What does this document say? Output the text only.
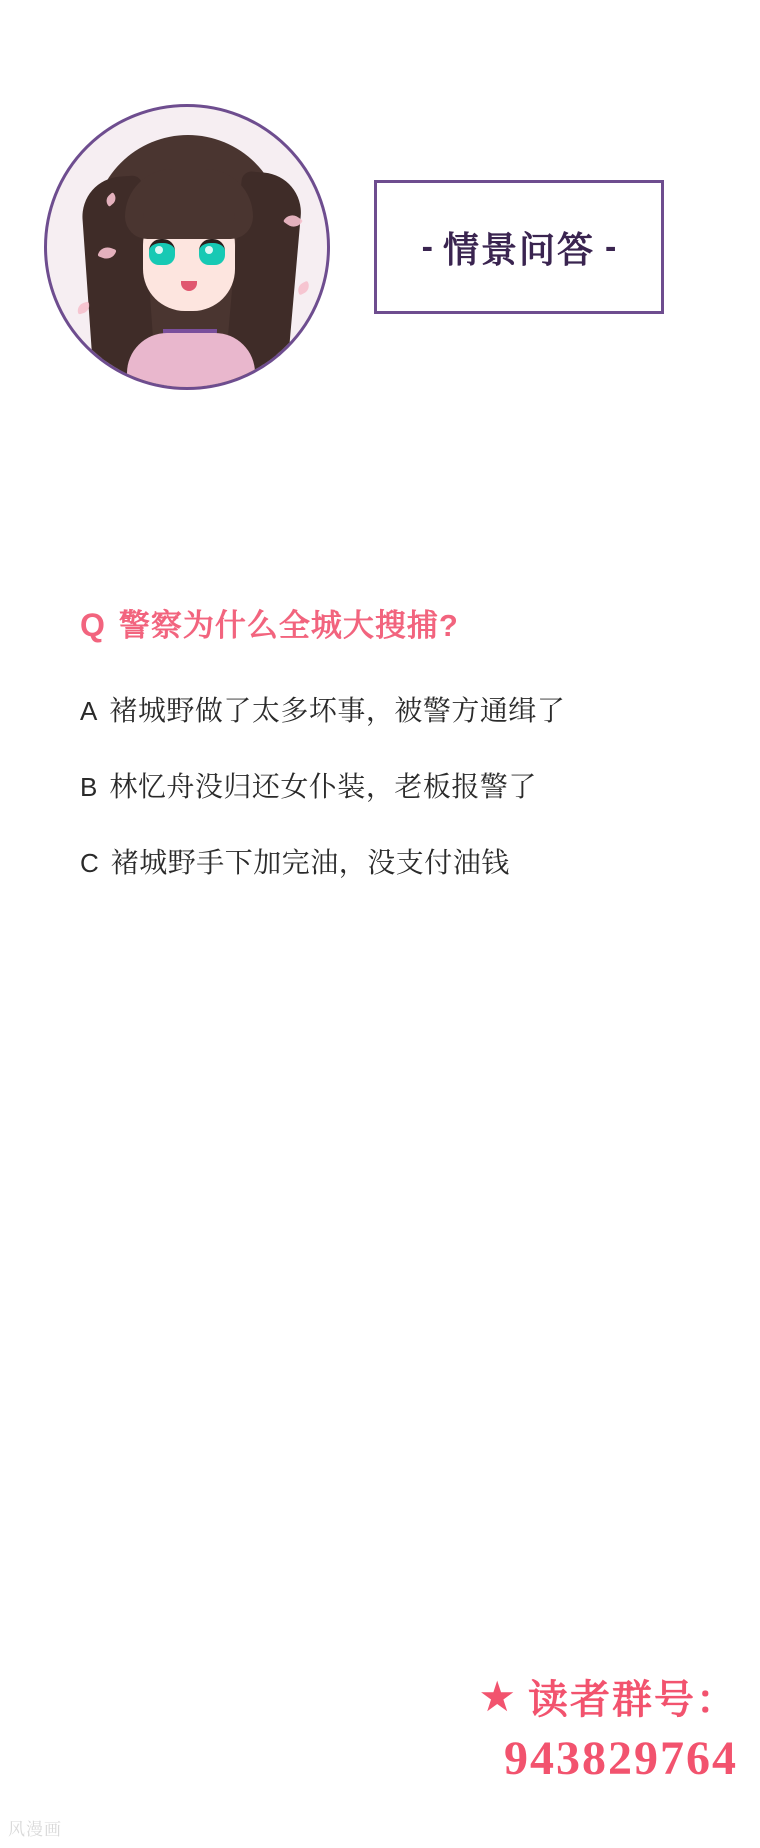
- 情景问答 -
Q 警察为什么全城大搜捕?
A 褚城野做了太多坏事，被警方通缉了
B 林忆舟没归还女仆装，老板报警了
C 褚城野手下加完油，没支付油钱
★ 读者群号：
943829764
风漫画
